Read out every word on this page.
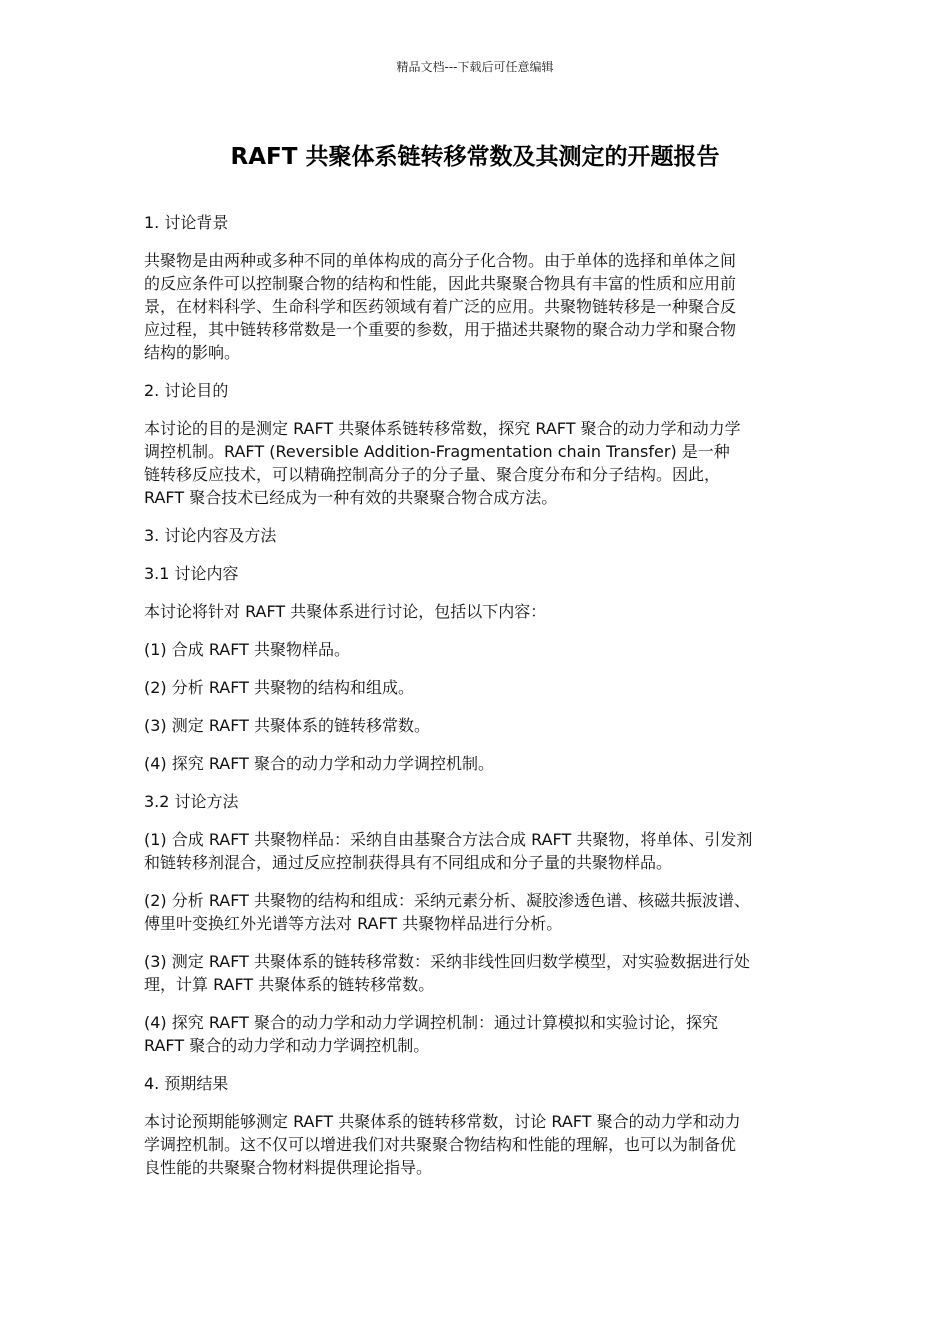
精品文档---下载后可任意编辑
RAFT 共聚体系链转移常数及其测定的开题报告

1. 讨论背景

共聚物是由两种或多种不同的单体构成的高分子化合物。由于单体的选择和单体之间
的反应条件可以控制聚合物的结构和性能，因此共聚聚合物具有丰富的性质和应用前
景，在材料科学、生命科学和医药领域有着广泛的应用。共聚物链转移是一种聚合反
应过程，其中链转移常数是一个重要的参数，用于描述共聚物的聚合动力学和聚合物
结构的影响。

2. 讨论目的

本讨论的目的是测定 RAFT 共聚体系链转移常数，探究 RAFT 聚合的动力学和动力学
调控机制。RAFT (Reversible Addition-Fragmentation chain Transfer) 是一种
链转移反应技术，可以精确控制高分子的分子量、聚合度分布和分子结构。因此，
RAFT 聚合技术已经成为一种有效的共聚聚合物合成方法。

3. 讨论内容及方法

3.1 讨论内容

本讨论将针对 RAFT 共聚体系进行讨论，包括以下内容：

(1) 合成 RAFT 共聚物样品。

(2) 分析 RAFT 共聚物的结构和组成。

(3) 测定 RAFT 共聚体系的链转移常数。

(4) 探究 RAFT 聚合的动力学和动力学调控机制。

3.2 讨论方法

(1) 合成 RAFT 共聚物样品：采纳自由基聚合方法合成 RAFT 共聚物，将单体、引发剂
和链转移剂混合，通过反应控制获得具有不同组成和分子量的共聚物样品。

(2) 分析 RAFT 共聚物的结构和组成：采纳元素分析、凝胶渗透色谱、核磁共振波谱、
傅里叶变换红外光谱等方法对 RAFT 共聚物样品进行分析。

(3) 测定 RAFT 共聚体系的链转移常数：采纳非线性回归数学模型，对实验数据进行处
理，计算 RAFT 共聚体系的链转移常数。

(4) 探究 RAFT 聚合的动力学和动力学调控机制：通过计算模拟和实验讨论，探究
RAFT 聚合的动力学和动力学调控机制。

4. 预期结果

本讨论预期能够测定 RAFT 共聚体系的链转移常数，讨论 RAFT 聚合的动力学和动力
学调控机制。这不仅可以增进我们对共聚聚合物结构和性能的理解，也可以为制备优
良性能的共聚聚合物材料提供理论指导。
